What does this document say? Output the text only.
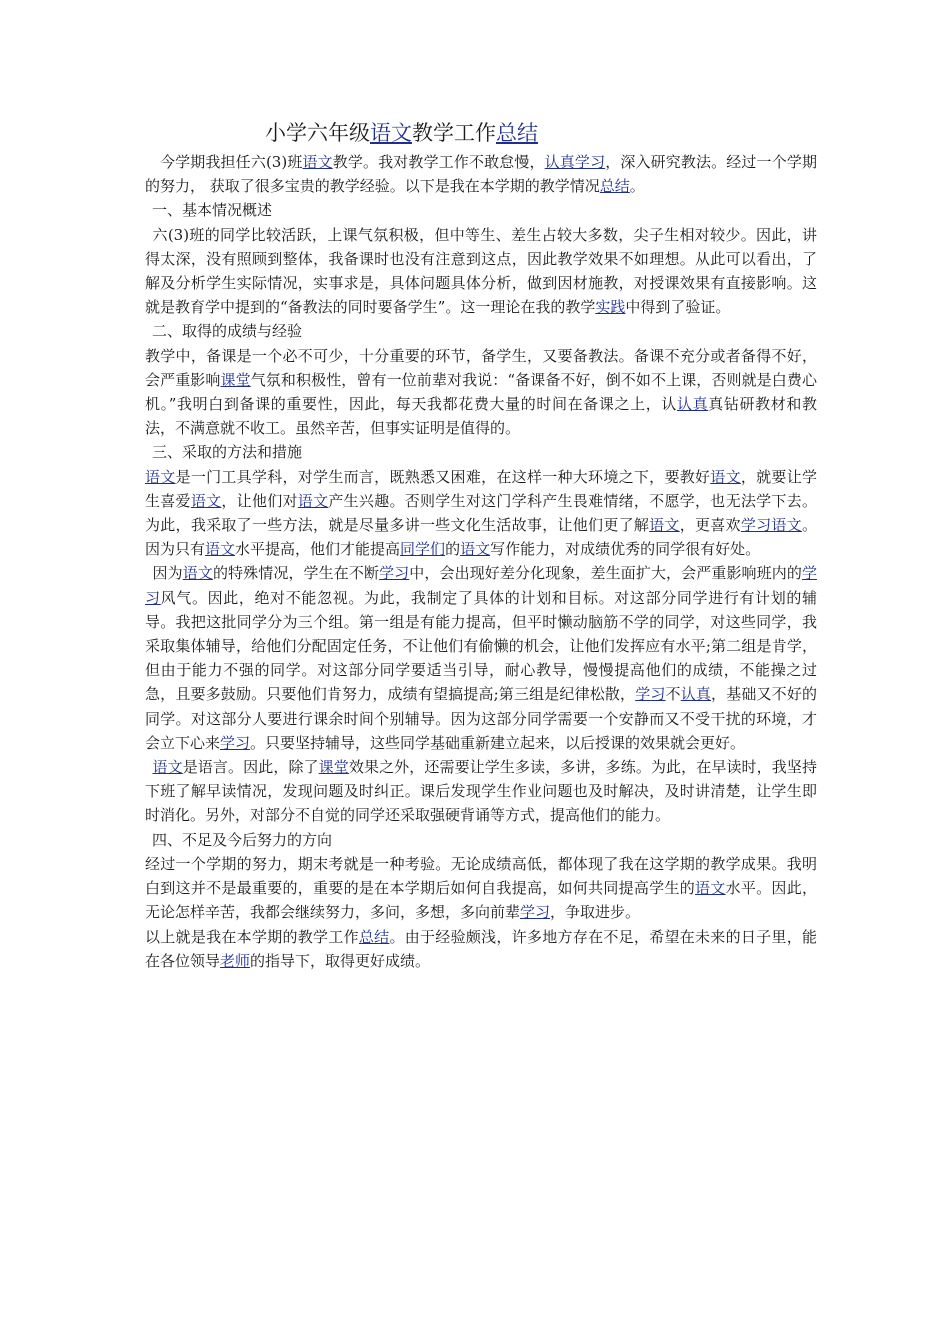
小学六年级语文教学工作总结

今学期我担任六(3)班语文教学。我对教学工作不敢怠慢，认真学习，深入研究教法。经过一个学期的努力， 获取了很多宝贵的教学经验。以下是我在本学期的教学情况总结。

一、基本情况概述

六(3)班的同学比较活跃，上课气氛积极，但中等生、差生占较大多数，尖子生相对较少。因此，讲得太深，没有照顾到整体，我备课时也没有注意到这点，因此教学效果不如理想。从此可以看出，了解及分析学生实际情况，实事求是，具体问题具体分析，做到因材施教，对授课效果有直接影响。这就是教育学中提到的“备教法的同时要备学生”。这一理论在我的教学实践中得到了验证。

二、取得的成绩与经验

教学中，备课是一个必不可少，十分重要的环节，备学生，又要备教法。备课不充分或者备得不好，会严重影响课堂气氛和积极性，曾有一位前辈对我说：“备课备不好，倒不如不上课，否则就是白费心机。”我明白到备课的重要性，因此，每天我都花费大量的时间在备课之上，认认真真钻研教材和教法，不满意就不收工。虽然辛苦，但事实证明是值得的。

三、采取的方法和措施

语文是一门工具学科，对学生而言，既熟悉又困难，在这样一种大环境之下，要教好语文，就要让学生喜爱语文，让他们对语文产生兴趣。否则学生对这门学科产生畏难情绪，不愿学，也无法学下去。为此，我采取了一些方法，就是尽量多讲一些文化生活故事，让他们更了解语文，更喜欢学习语文。因为只有语文水平提高，他们才能提高同学们的语文写作能力，对成绩优秀的同学很有好处。

因为语文的特殊情况，学生在不断学习中，会出现好差分化现象，差生面扩大，会严重影响班内的学习风气。因此，绝对不能忽视。为此，我制定了具体的计划和目标。对这部分同学进行有计划的辅导。我把这批同学分为三个组。第一组是有能力提高，但平时懒动脑筋不学的同学，对这些同学，我采取集体辅导，给他们分配固定任务，不让他们有偷懒的机会，让他们发挥应有水平;第二组是肯学，但由于能力不强的同学。对这部分同学要适当引导，耐心教导，慢慢提高他们的成绩，不能操之过急，且要多鼓励。只要他们肯努力，成绩有望搞提高;第三组是纪律松散，学习不认真，基础又不好的同学。对这部分人要进行课余时间个别辅导。因为这部分同学需要一个安静而又不受干扰的环境，才会立下心来学习。只要坚持辅导，这些同学基础重新建立起来，以后授课的效果就会更好。

语文是语言。因此，除了课堂效果之外，还需要让学生多读，多讲，多练。为此，在早读时，我坚持下班了解早读情况，发现问题及时纠正。课后发现学生作业问题也及时解决，及时讲清楚，让学生即时消化。另外，对部分不自觉的同学还采取强硬背诵等方式，提高他们的能力。

四、不足及今后努力的方向

经过一个学期的努力，期末考就是一种考验。无论成绩高低，都体现了我在这学期的教学成果。我明白到这并不是最重要的，重要的是在本学期后如何自我提高，如何共同提高学生的语文水平。因此，无论怎样辛苦，我都会继续努力，多问，多想，多向前辈学习，争取进步。

以上就是我在本学期的教学工作总结。由于经验颇浅，许多地方存在不足，希望在未来的日子里，能在各位领导老师的指导下，取得更好成绩。
